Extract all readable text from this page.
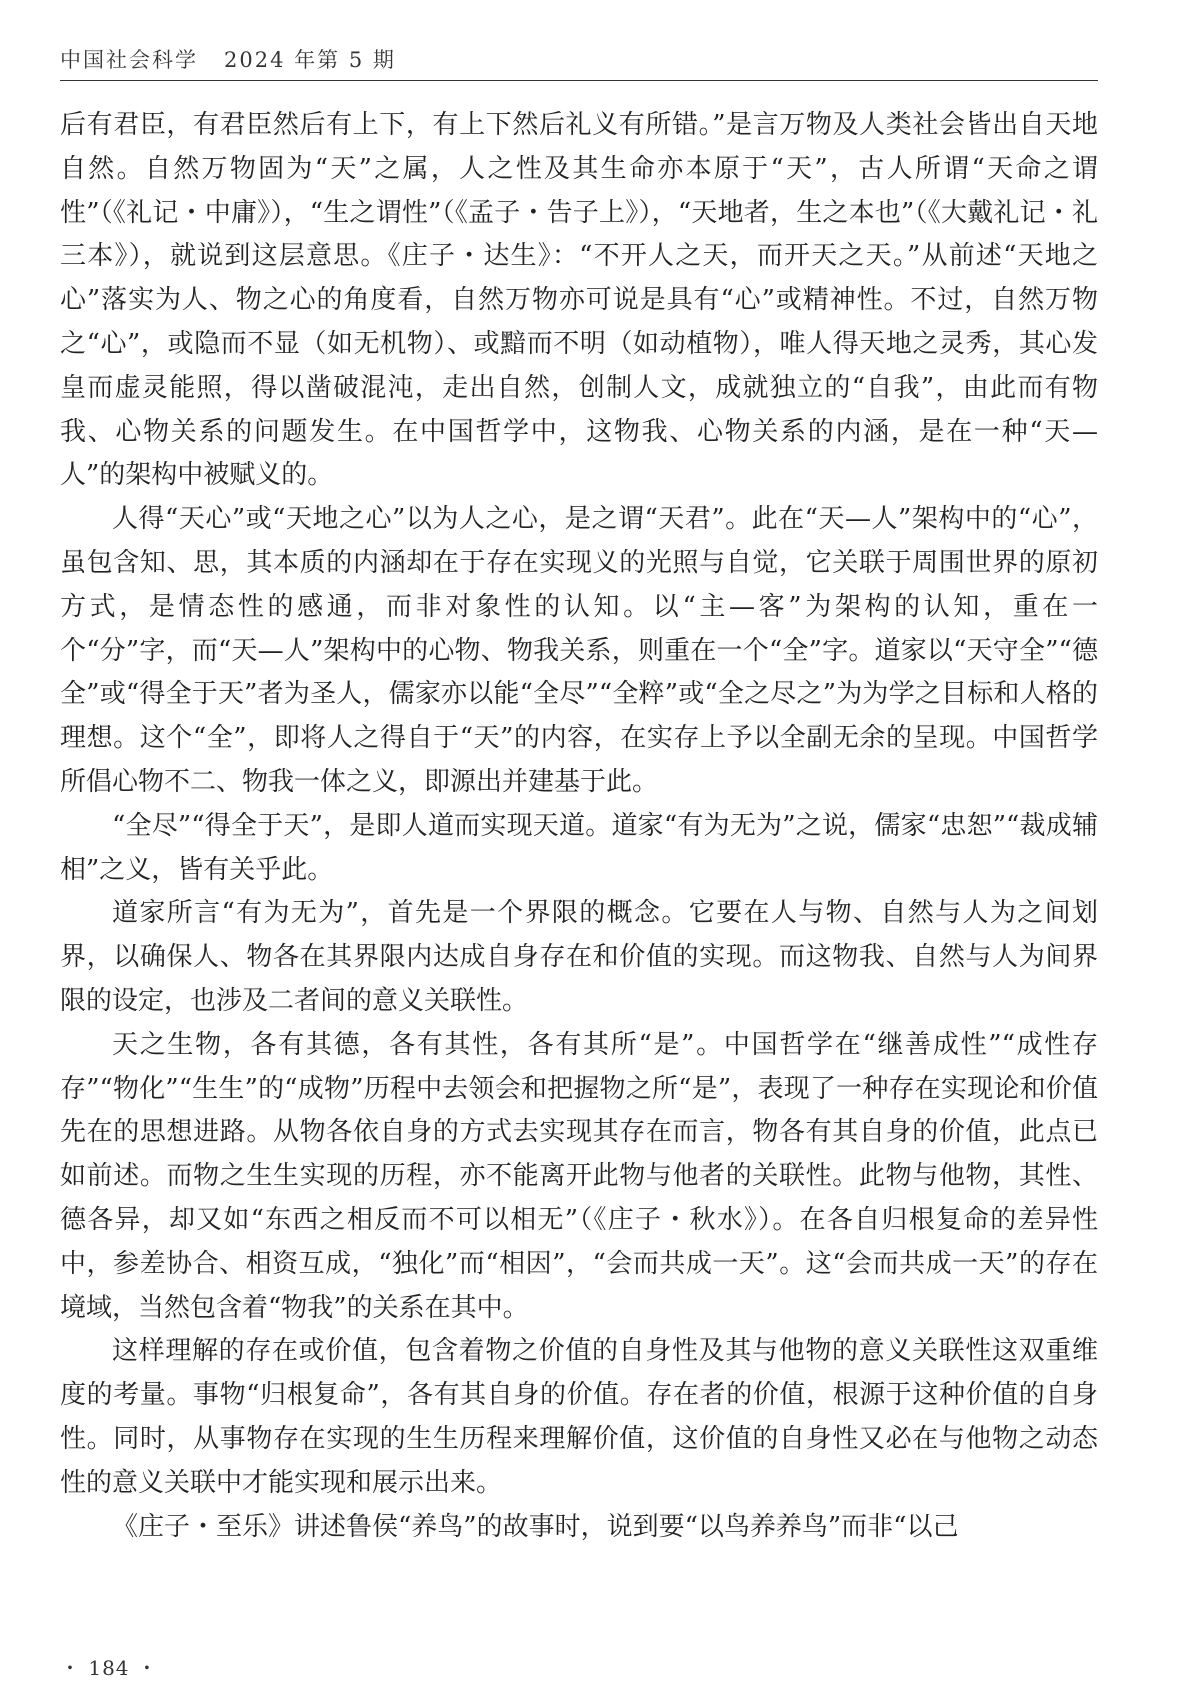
中国社会科学 2024 年第 5 期

后有君臣，有君臣然后有上下，有上下然后礼义有所错。”是言万物及人类社会皆出自天地自然。自然万物固为“天”之属，人之性及其生命亦本原于“天”，古人所谓“天命之谓性”（《礼记・中庸》），“生之谓性”（《孟子・告子上》），“天地者，生之本也”（《大戴礼记・礼三本》），就说到这层意思。《庄子・达生》：“不开人之天，而开天之天。”从前述“天地之心”落实为人、物之心的角度看，自然万物亦可说是具有“心”或精神性。不过，自然万物之“心”，或隐而不显（如无机物）、或黯而不明（如动植物），唯人得天地之灵秀，其心发皇而虚灵能照，得以凿破混沌，走出自然，创制人文，成就独立的“自我”，由此而有物我、心物关系的问题发生。在中国哲学中，这物我、心物关系的内涵，是在一种“天—人”的架构中被赋义的。

人得“天心”或“天地之心”以为人之心，是之谓“天君”。此在“天—人”架构中的“心”，虽包含知、思，其本质的内涵却在于存在实现义的光照与自觉，它关联于周围世界的原初方式，是情态性的感通，而非对象性的认知。以“主—客”为架构的认知，重在一个“分”字，而“天—人”架构中的心物、物我关系，则重在一个“全”字。道家以“天守全”“德全”或“得全于天”者为圣人，儒家亦以能“全尽”“全粹”或“全之尽之”为为学之目标和人格的理想。这个“全”，即将人之得自于“天”的内容，在实存上予以全副无余的呈现。中国哲学所倡心物不二、物我一体之义，即源出并建基于此。

“全尽”“得全于天”，是即人道而实现天道。道家“有为无为”之说，儒家“忠恕”“裁成辅相”之义，皆有关乎此。

道家所言“有为无为”，首先是一个界限的概念。它要在人与物、自然与人为之间划界，以确保人、物各在其界限内达成自身存在和价值的实现。而这物我、自然与人为间界限的设定，也涉及二者间的意义关联性。

天之生物，各有其德，各有其性，各有其所“是”。中国哲学在“继善成性”“成性存存”“物化”“生生”的“成物”历程中去领会和把握物之所“是”，表现了一种存在实现论和价值先在的思想进路。从物各依自身的方式去实现其存在而言，物各有其自身的价值，此点已如前述。而物之生生实现的历程，亦不能离开此物与他者的关联性。此物与他物，其性、德各异，却又如“东西之相反而不可以相无”（《庄子・秋水》）。在各自归根复命的差异性中，参差协合、相资互成，“独化”而“相因”，“会而共成一天”。这“会而共成一天”的存在境域，当然包含着“物我”的关系在其中。

这样理解的存在或价值，包含着物之价值的自身性及其与他物的意义关联性这双重维度的考量。事物“归根复命”，各有其自身的价值。存在者的价值，根源于这种价值的自身性。同时，从事物存在实现的生生历程来理解价值，这价值的自身性又必在与他物之动态性的意义关联中才能实现和展示出来。

《庄子・至乐》讲述鲁侯“养鸟”的故事时，说到要“以鸟养养鸟”而非“以己

・ 184 ・
